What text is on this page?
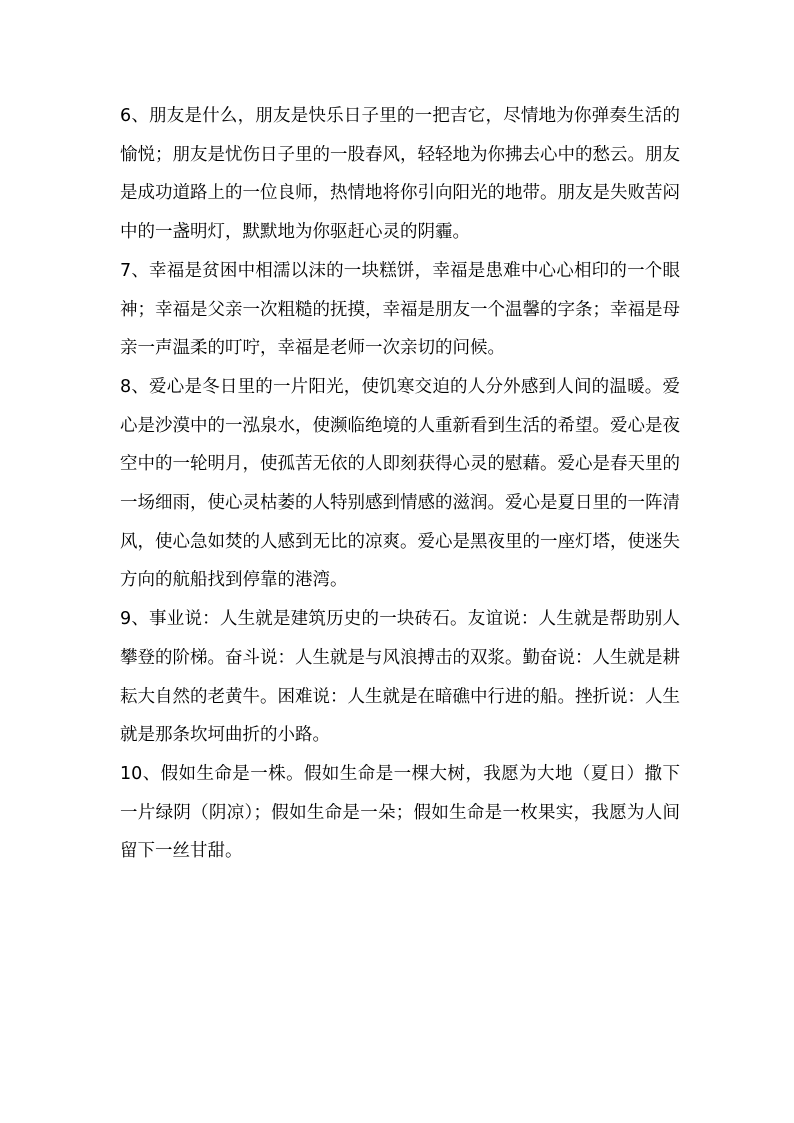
6、朋友是什么，朋友是快乐日子里的一把吉它，尽情地为你弹奏生活的愉悦；朋友是忧伤日子里的一股春风，轻轻地为你拂去心中的愁云。朋友是成功道路上的一位良师，热情地将你引向阳光的地带。朋友是失败苦闷中的一盏明灯，默默地为你驱赶心灵的阴霾。

7、幸福是贫困中相濡以沫的一块糕饼，幸福是患难中心心相印的一个眼神；幸福是父亲一次粗糙的抚摸，幸福是朋友一个温馨的字条；幸福是母亲一声温柔的叮咛，幸福是老师一次亲切的问候。

8、爱心是冬日里的一片阳光，使饥寒交迫的人分外感到人间的温暖。爱心是沙漠中的一泓泉水，使濒临绝境的人重新看到生活的希望。爱心是夜空中的一轮明月，使孤苦无依的人即刻获得心灵的慰藉。爱心是春天里的一场细雨，使心灵枯萎的人特别感到情感的滋润。爱心是夏日里的一阵清风，使心急如焚的人感到无比的凉爽。爱心是黑夜里的一座灯塔，使迷失方向的航船找到停靠的港湾。

9、事业说：人生就是建筑历史的一块砖石。友谊说：人生就是帮助别人攀登的阶梯。奋斗说：人生就是与风浪搏击的双浆。勤奋说：人生就是耕耘大自然的老黄牛。困难说：人生就是在暗礁中行进的船。挫折说：人生就是那条坎坷曲折的小路。

10、假如生命是一株。假如生命是一棵大树，我愿为大地（夏日）撒下一片绿阴（阴凉）；假如生命是一朵；假如生命是一枚果实，我愿为人间留下一丝甘甜。
